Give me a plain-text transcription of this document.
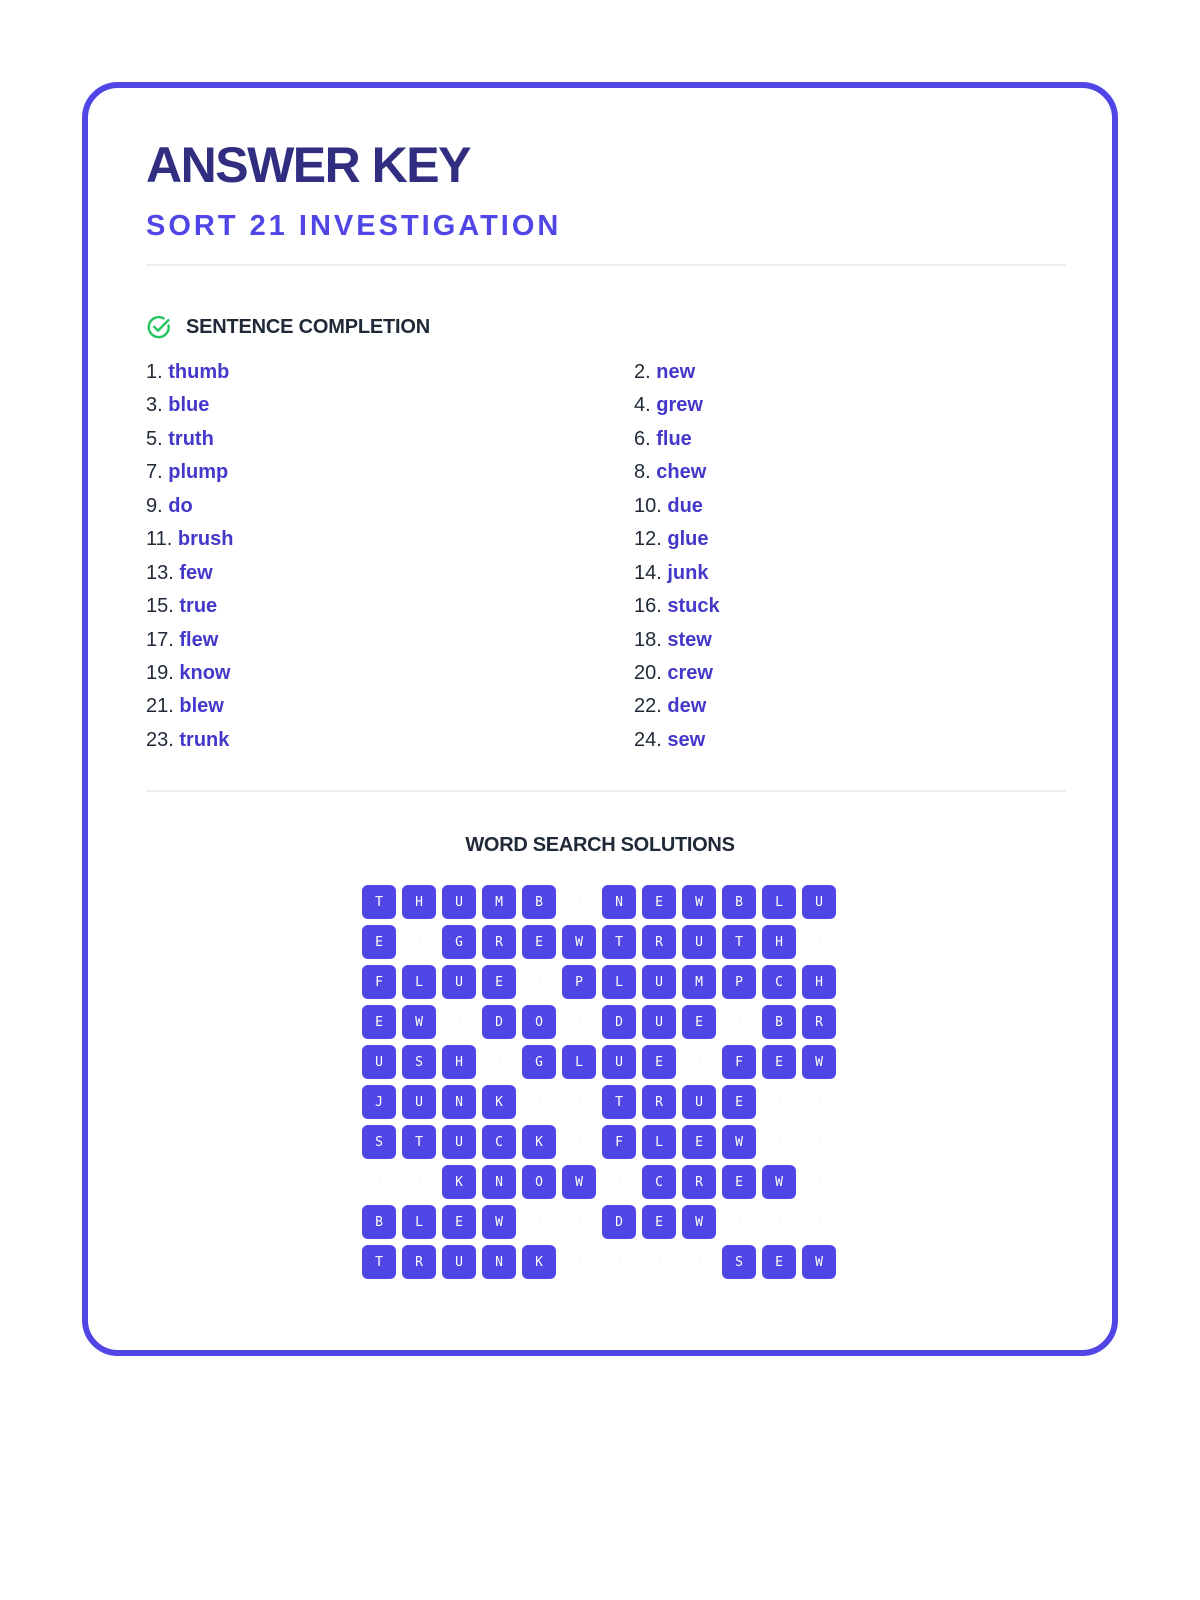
ANSWER KEY
SORT 21 INVESTIGATION
SENTENCE COMPLETION
1. thumb	2. new
3. blue	4. grew
5. truth	6. flue
7. plump	8. chew
9. do	10. due
11. brush	12. glue
13. few	14. junk
15. true	16. stuck
17. flew	18. stew
19. know	20. crew
21. blew	22. dew
23. trunk	24. sew
WORD SEARCH SOLUTIONS
T	H	U	M	B	·	N	E	W	B	L	U
E	·	G	R	E	W	T	R	U	T	H	·
F	L	U	E	·	P	L	U	M	P	C	H
E	W	·	D	O	·	D	U	E	·	B	R
U	S	H	·	G	L	U	E	·	F	E	W
J	U	N	K	·	·	T	R	U	E	·	·
S	T	U	C	K	·	F	L	E	W	·	·
·	·	K	N	O	W	·	C	R	E	W	·
B	L	E	W	·	·	D	E	W	·	·	·
T	R	U	N	K	·	·	·	·	S	E	W
